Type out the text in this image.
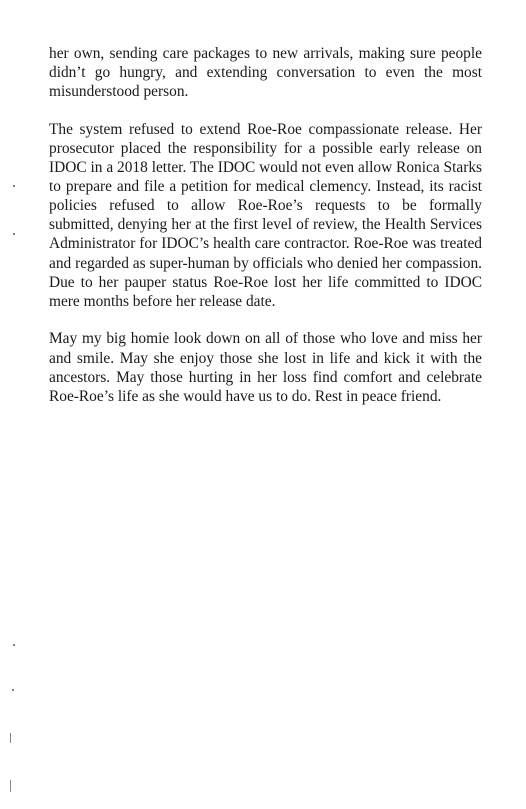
her own, sending care packages to new arrivals, making sure people didn’t go hungry, and extending conversation to even the most misunderstood person.

The system refused to extend Roe-Roe compassionate release. Her prosecutor placed the responsibility for a possible early release on IDOC in a 2018 letter. The IDOC would not even allow Ronica Starks to prepare and file a petition for medical clemency. Instead, its racist policies refused to allow Roe-Roe’s requests to be formally submitted, denying her at the first level of review, the Health Services Administrator for IDOC’s health care contractor. Roe-Roe was treated and regarded as super-human by officials who denied her compassion. Due to her pauper status Roe-Roe lost her life committed to IDOC mere months before her release date.

May my big homie look down on all of those who love and miss her and smile. May she enjoy those she lost in life and kick it with the ancestors. May those hurting in her loss find comfort and celebrate Roe-Roe’s life as she would have us to do. Rest in peace friend.
